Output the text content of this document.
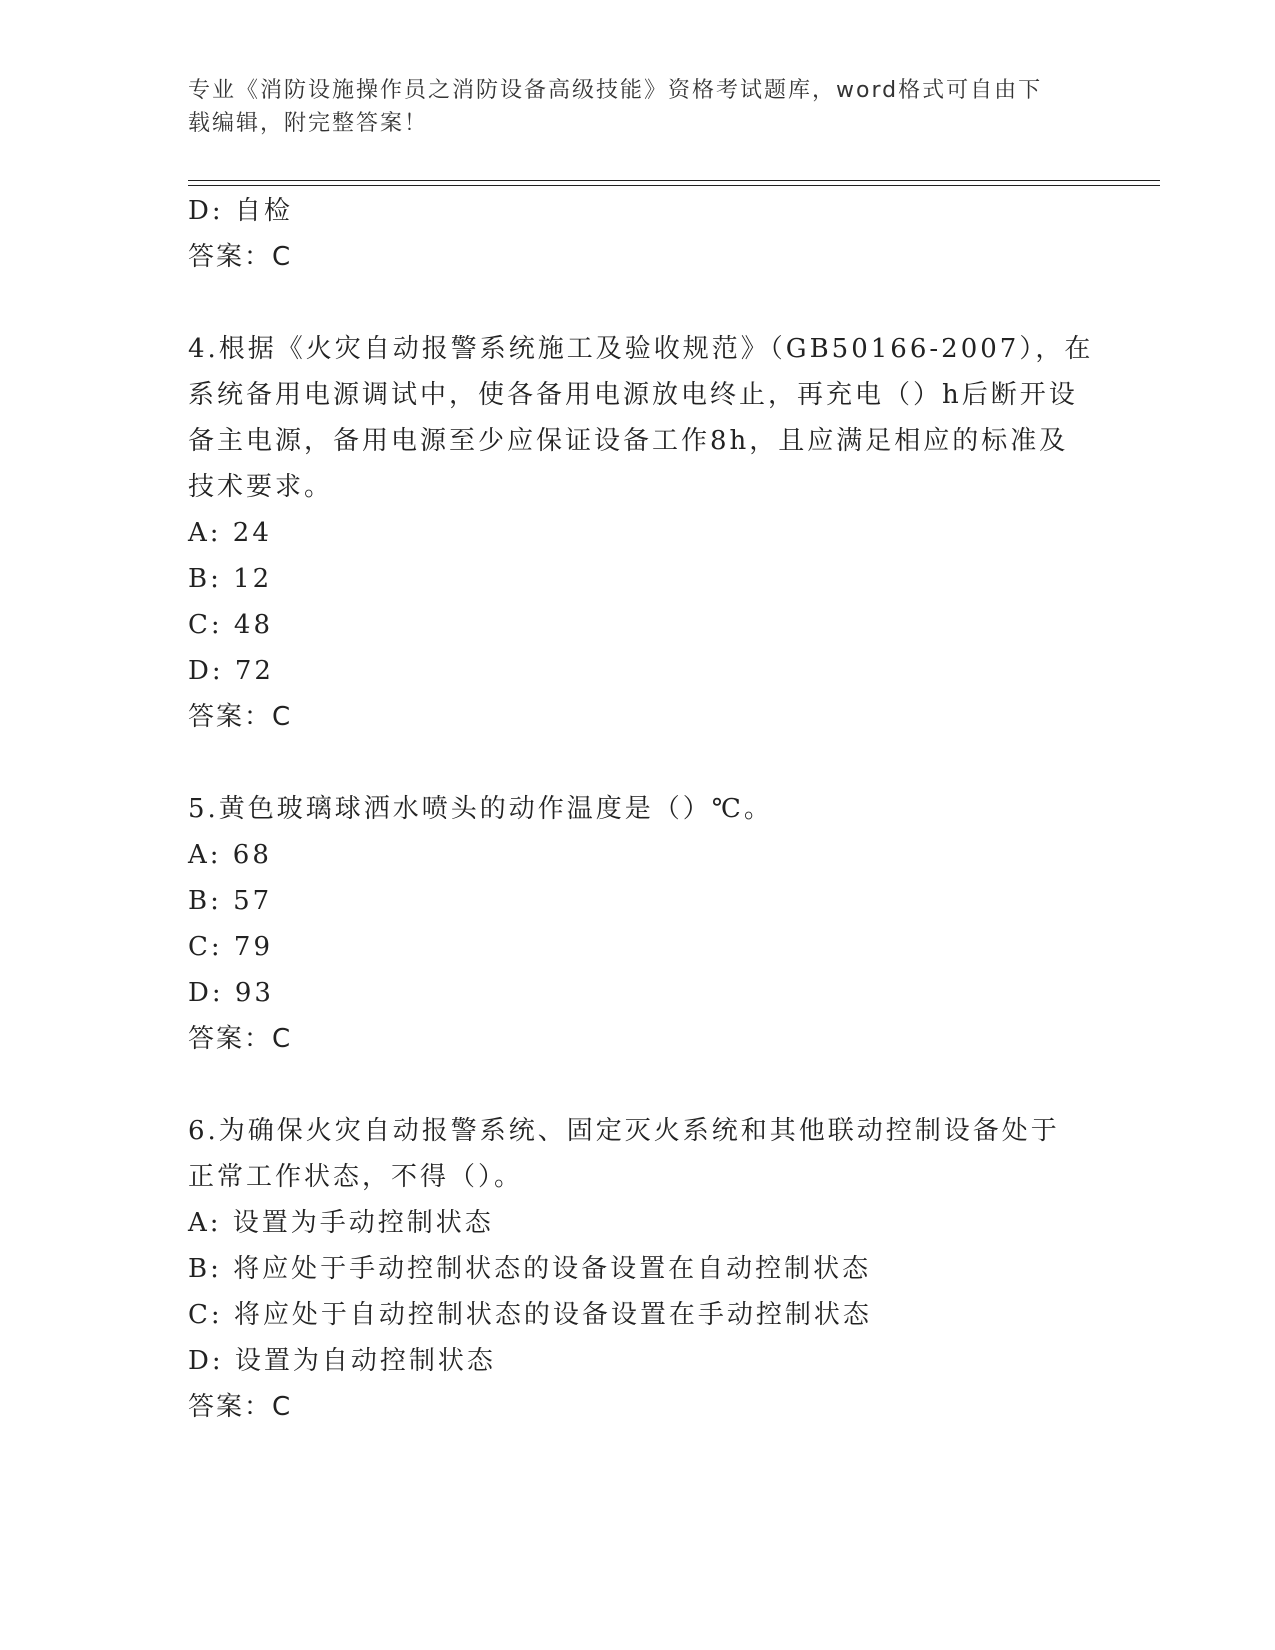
专业《消防设施操作员之消防设备高级技能》资格考试题库，word格式可自由下
载编辑，附完整答案！
D: 自检
答案：C
4.根据《火灾自动报警系统施工及验收规范》（GB50166-2007），在
系统备用电源调试中，使各备用电源放电终止，再充电（）h后断开设
备主电源，备用电源至少应保证设备工作8h，且应满足相应的标准及
技术要求。
A: 24
B: 12
C: 48
D: 72
答案：C
5.黄色玻璃球洒水喷头的动作温度是（）℃。
A: 68
B: 57
C: 79
D: 93
答案：C
6.为确保火灾自动报警系统、固定灭火系统和其他联动控制设备处于
正常工作状态，不得（）。
A: 设置为手动控制状态
B: 将应处于手动控制状态的设备设置在自动控制状态
C: 将应处于自动控制状态的设备设置在手动控制状态
D: 设置为自动控制状态
答案：C
